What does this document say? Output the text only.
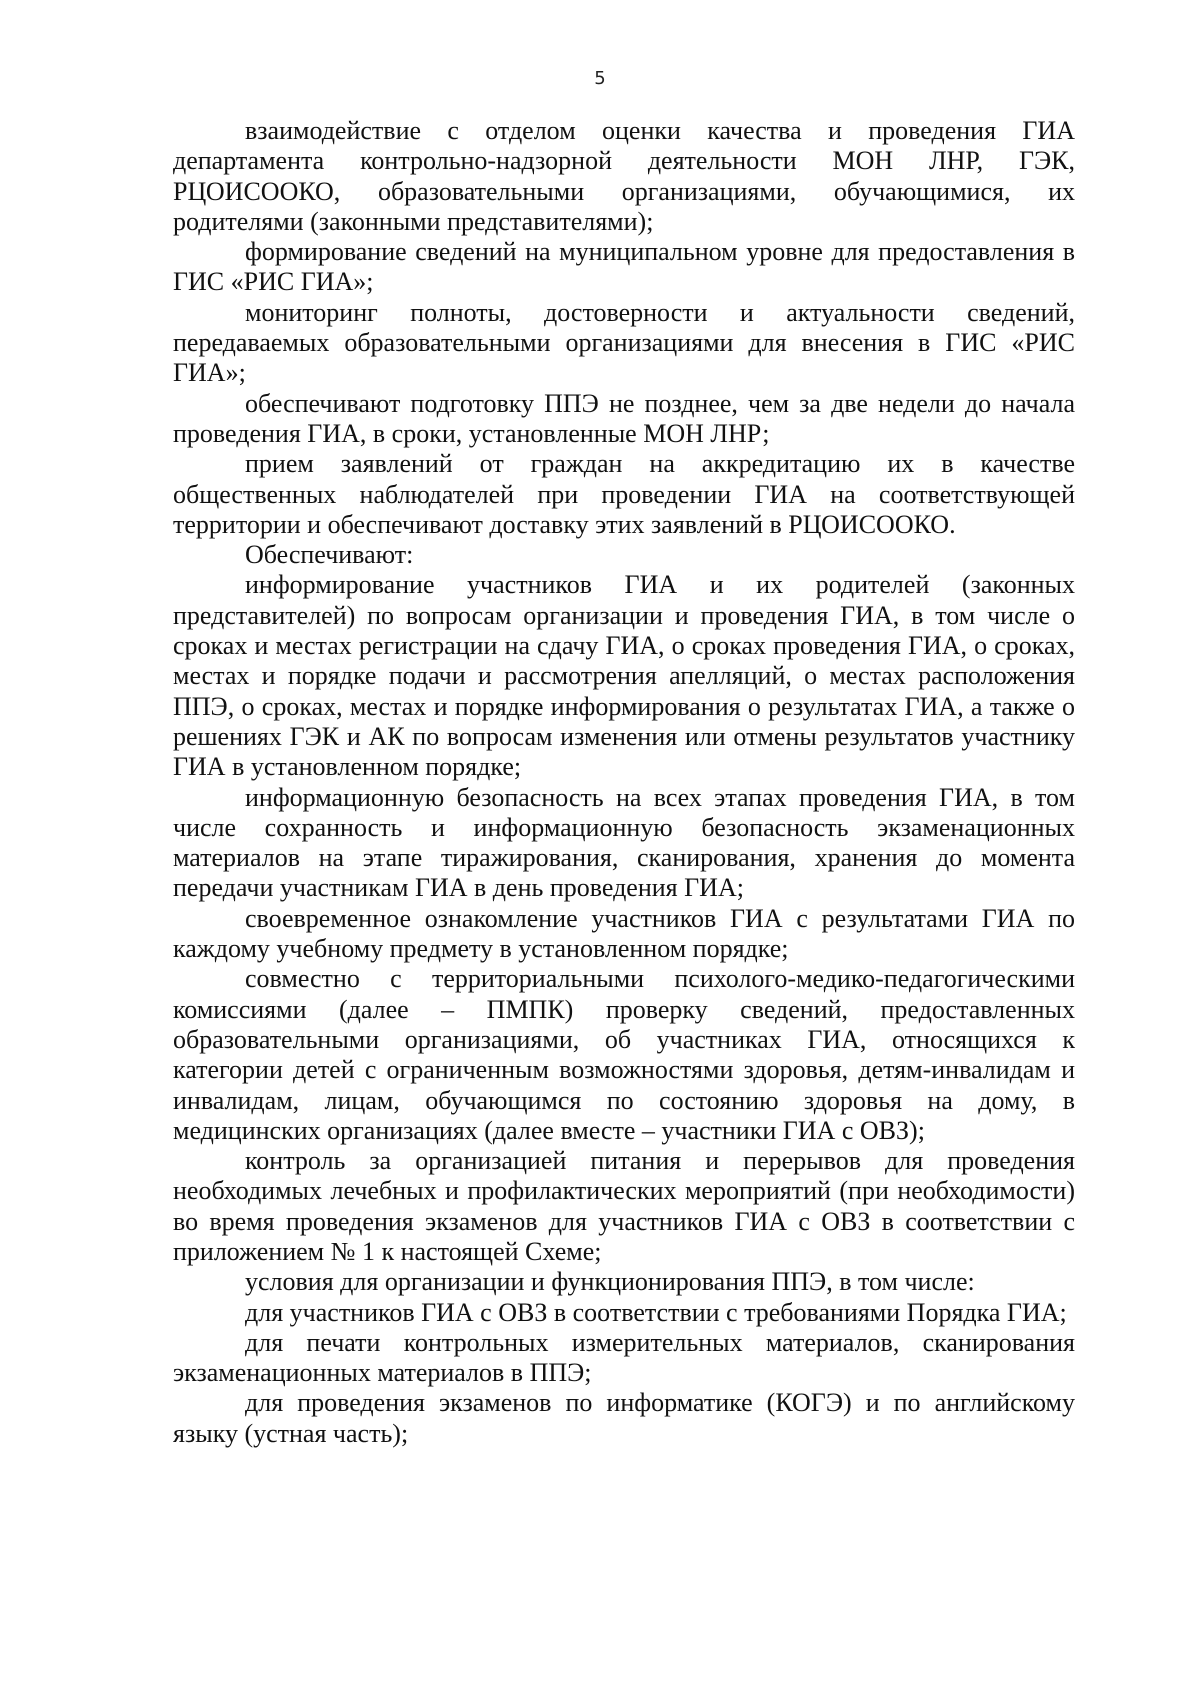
5

взаимодействие с отделом оценки качества и проведения ГИА департамента контрольно-надзорной деятельности МОН ЛНР, ГЭК, РЦОИСООКО, образовательными организациями, обучающимися, их родителями (законными представителями);

формирование сведений на муниципальном уровне для предоставления в ГИС «РИС ГИА»;

мониторинг полноты, достоверности и актуальности сведений, передаваемых образовательными организациями для внесения в ГИС «РИС ГИА»;

обеспечивают подготовку ППЭ не позднее, чем за две недели до начала проведения ГИА, в сроки, установленные МОН ЛНР;

прием заявлений от граждан на аккредитацию их в качестве общественных наблюдателей при проведении ГИА на соответствующей территории и обеспечивают доставку этих заявлений в РЦОИСООКО.

Обеспечивают:

информирование участников ГИА и их родителей (законных представителей) по вопросам организации и проведения ГИА, в том числе о сроках и местах регистрации на сдачу ГИА, о сроках проведения ГИА, о сроках, местах и порядке подачи и рассмотрения апелляций, о местах расположения ППЭ, о сроках, местах и порядке информирования о результатах ГИА, а также о решениях ГЭК и АК по вопросам изменения или отмены результатов участнику ГИА в установленном порядке;

информационную безопасность на всех этапах проведения ГИА, в том числе сохранность и информационную безопасность экзаменационных материалов на этапе тиражирования, сканирования, хранения до момента передачи участникам ГИА в день проведения ГИА;

своевременное ознакомление участников ГИА с результатами ГИА по каждому учебному предмету в установленном порядке;

совместно с территориальными психолого-медико-педагогическими комиссиями (далее – ПМПК) проверку сведений, предоставленных образовательными организациями, об участниках ГИА, относящихся к категории детей с ограниченным возможностями здоровья, детям-инвалидам и инвалидам, лицам, обучающимся по состоянию здоровья на дому, в медицинских организациях (далее вместе – участники ГИА с ОВЗ);

контроль за организацией питания и перерывов для проведения необходимых лечебных и профилактических мероприятий (при необходимости) во время проведения экзаменов для участников ГИА с ОВЗ в соответствии с приложением № 1 к настоящей Схеме;

условия для организации и функционирования ППЭ, в том числе:

для участников ГИА с ОВЗ в соответствии с требованиями Порядка ГИА;

для печати контрольных измерительных материалов, сканирования экзаменационных материалов в ППЭ;

для проведения экзаменов по информатике (КОГЭ) и по английскому языку (устная часть);
